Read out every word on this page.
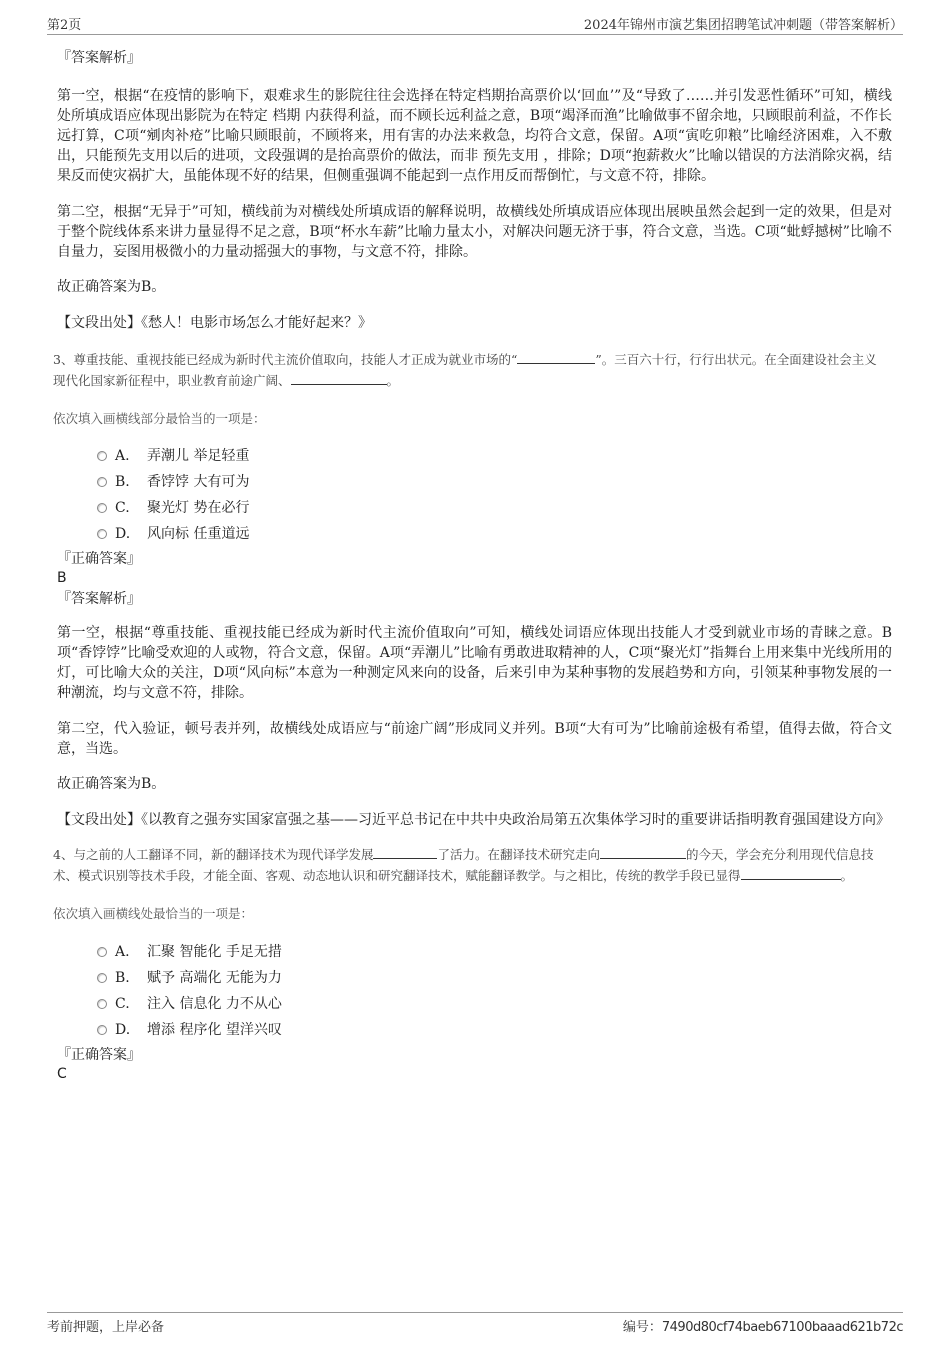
第2页	2024年锦州市演艺集团招聘笔试冲刺题（带答案解析）

『答案解析』

第一空，根据“在疫情的影响下，艰难求生的影院往往会选择在特定档期抬高票价以‘回血’”及“导致了……并引发恶性循环”可知，横线处所填成语应体现出影院为在特定 档期 内获得利益，而不顾长远利益之意，B项“竭泽而渔”比喻做事不留余地，只顾眼前利益，不作长远打算，C项“剜肉补疮”比喻只顾眼前，不顾将来，用有害的办法来救急，均符合文意，保留。A项“寅吃卯粮”比喻经济困难，入不敷出，只能预先支用以后的进项，文段强调的是抬高票价的做法，而非 预先支用 ，排除；D项“抱薪救火”比喻以错误的方法消除灾祸，结果反而使灾祸扩大，虽能体现不好的结果，但侧重强调不能起到一点作用反而帮倒忙，与文意不符，排除。

第二空，根据“无异于”可知，横线前为对横线处所填成语的解释说明，故横线处所填成语应体现出展映虽然会起到一定的效果，但是对于整个院线体系来讲力量显得不足之意，B项“杯水车薪”比喻力量太小，对解决问题无济于事，符合文意，当选。C项“蚍蜉撼树”比喻不自量力，妄图用极微小的力量动摇强大的事物，与文意不符，排除。

故正确答案为B。

【文段出处】《愁人！电影市场怎么才能好起来？》

3、尊重技能、重视技能已经成为新时代主流价值取向，技能人才正成为就业市场的“	”。三百六十行，行行出状元。在全面建设社会主义现代化国家新征程中，职业教育前途广阔、	。

依次填入画横线部分最恰当的一项是：

A. 弄潮儿 举足轻重
B. 香饽饽 大有可为
C. 聚光灯 势在必行
D. 风向标 任重道远

『正确答案』

B

『答案解析』

第一空，根据“尊重技能、重视技能已经成为新时代主流价值取向”可知，横线处词语应体现出技能人才受到就业市场的青睐之意。B项“香饽饽”比喻受欢迎的人或物，符合文意，保留。A项“弄潮儿”比喻有勇敢进取精神的人，C项“聚光灯”指舞台上用来集中光线所用的灯，可比喻大众的关注，D项“风向标”本意为一种测定风来向的设备，后来引申为某种事物的发展趋势和方向，引领某种事物发展的一种潮流，均与文意不符，排除。

第二空，代入验证，顿号表并列，故横线处成语应与“前途广阔”形成同义并列。B项“大有可为”比喻前途极有希望，值得去做，符合文意，当选。

故正确答案为B。

【文段出处】《以教育之强夯实国家富强之基——习近平总书记在中共中央政治局第五次集体学习时的重要讲话指明教育强国建设方向》

4、与之前的人工翻译不同，新的翻译技术为现代译学发展	了活力。在翻译技术研究走向	的今天，学会充分利用现代信息技术、模式识别等技术手段，才能全面、客观、动态地认识和研究翻译技术，赋能翻译教学。与之相比，传统的教学手段已显得	。

依次填入画横线处最恰当的一项是：

A. 汇聚 智能化 手足无措
B. 赋予 高端化 无能为力
C. 注入 信息化 力不从心
D. 增添 程序化 望洋兴叹

『正确答案』

C

考前押题，上岸必备	编号：7490d80cf74baeb67100baaad621b72c
